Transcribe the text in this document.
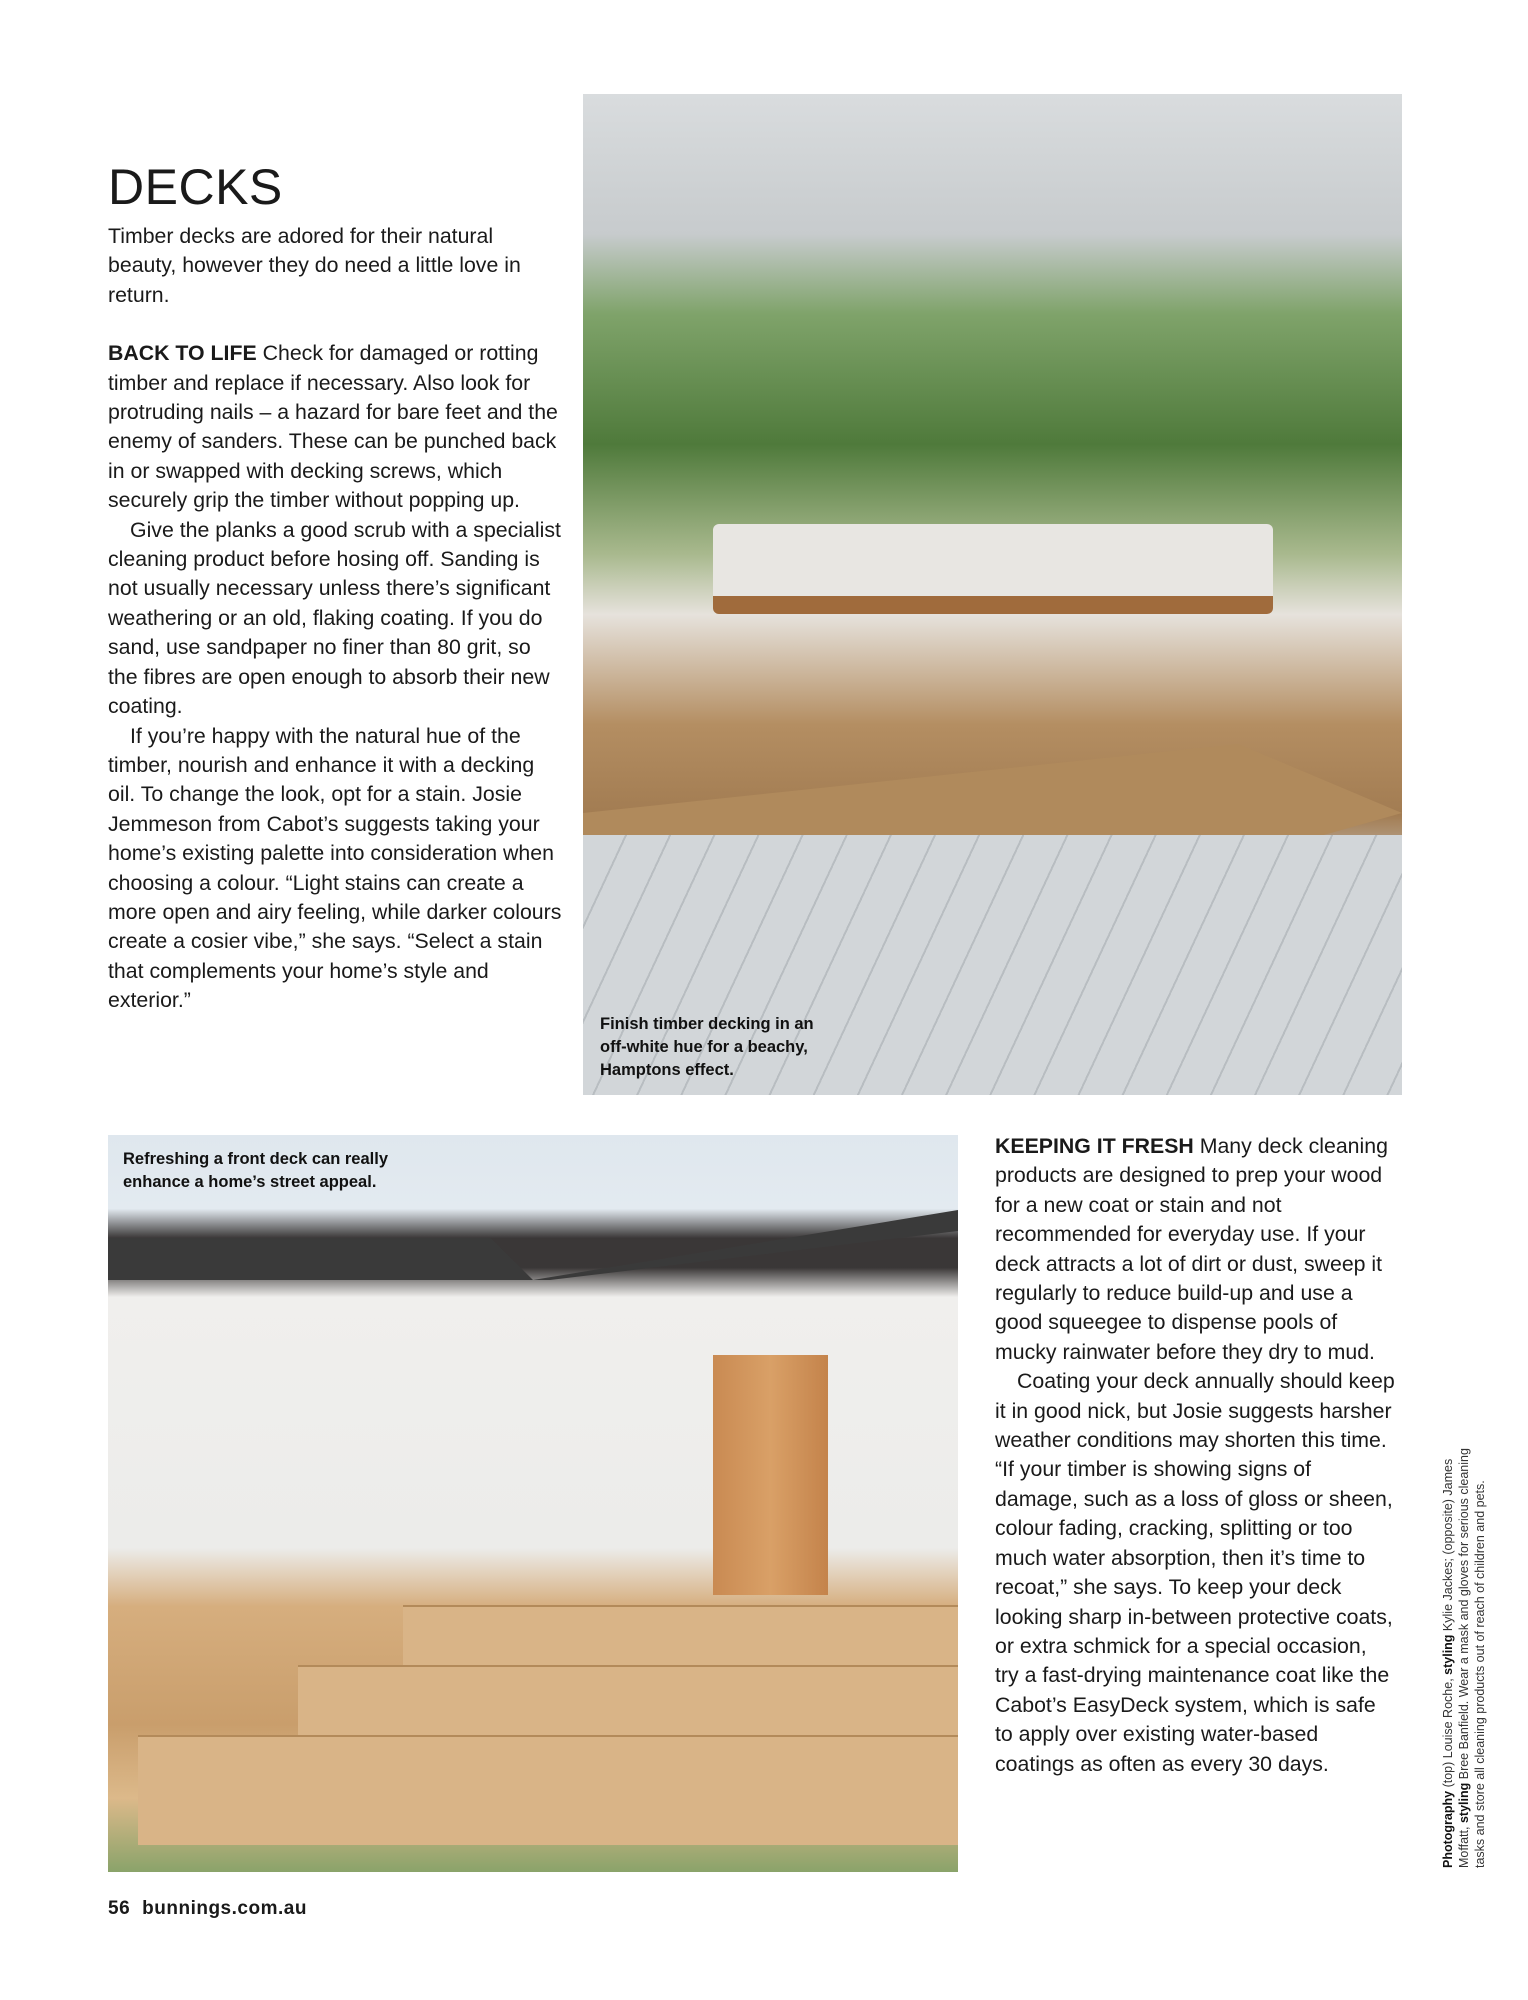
DECKS

Timber decks are adored for their natural beauty, however they do need a little love in return.

BACK TO LIFE Check for damaged or rotting timber and replace if necessary. Also look for protruding nails – a hazard for bare feet and the enemy of sanders. These can be punched back in or swapped with decking screws, which securely grip the timber without popping up.

Give the planks a good scrub with a specialist cleaning product before hosing off. Sanding is not usually necessary unless there’s significant weathering or an old, flaking coating. If you do sand, use sandpaper no finer than 80 grit, so the fibres are open enough to absorb their new coating.

If you’re happy with the natural hue of the timber, nourish and enhance it with a decking oil. To change the look, opt for a stain. Josie Jemmeson from Cabot’s suggests taking your home’s existing palette into consideration when choosing a colour. “Light stains can create a more open and airy feeling, while darker colours create a cosier vibe,” she says. “Select a stain that complements your home’s style and exterior.”

Finish timber decking in an off-white hue for a beachy, Hamptons effect.
Refreshing a front deck can really enhance a home’s street appeal.

KEEPING IT FRESH Many deck cleaning products are designed to prep your wood for a new coat or stain and not recommended for everyday use. If your deck attracts a lot of dirt or dust, sweep it regularly to reduce build-up and use a good squeegee to dispense pools of mucky rainwater before they dry to mud.

Coating your deck annually should keep it in good nick, but Josie suggests harsher weather conditions may shorten this time. “If your timber is showing signs of damage, such as a loss of gloss or sheen, colour fading, cracking, splitting or too much water absorption, then it’s time to recoat,” she says. To keep your deck looking sharp in-between protective coats, or extra schmick for a special occasion, try a fast-drying maintenance coat like the Cabot’s EasyDeck system, which is safe to apply over existing water-based coatings as often as every 30 days.

Photography (top) Louise Roche, styling Kylie Jackes; (opposite) James Moffatt, styling Bree Banfield. Wear a mask and gloves for serious cleaning tasks and store all cleaning products out of reach of children and pets.
56 bunnings.com.au
